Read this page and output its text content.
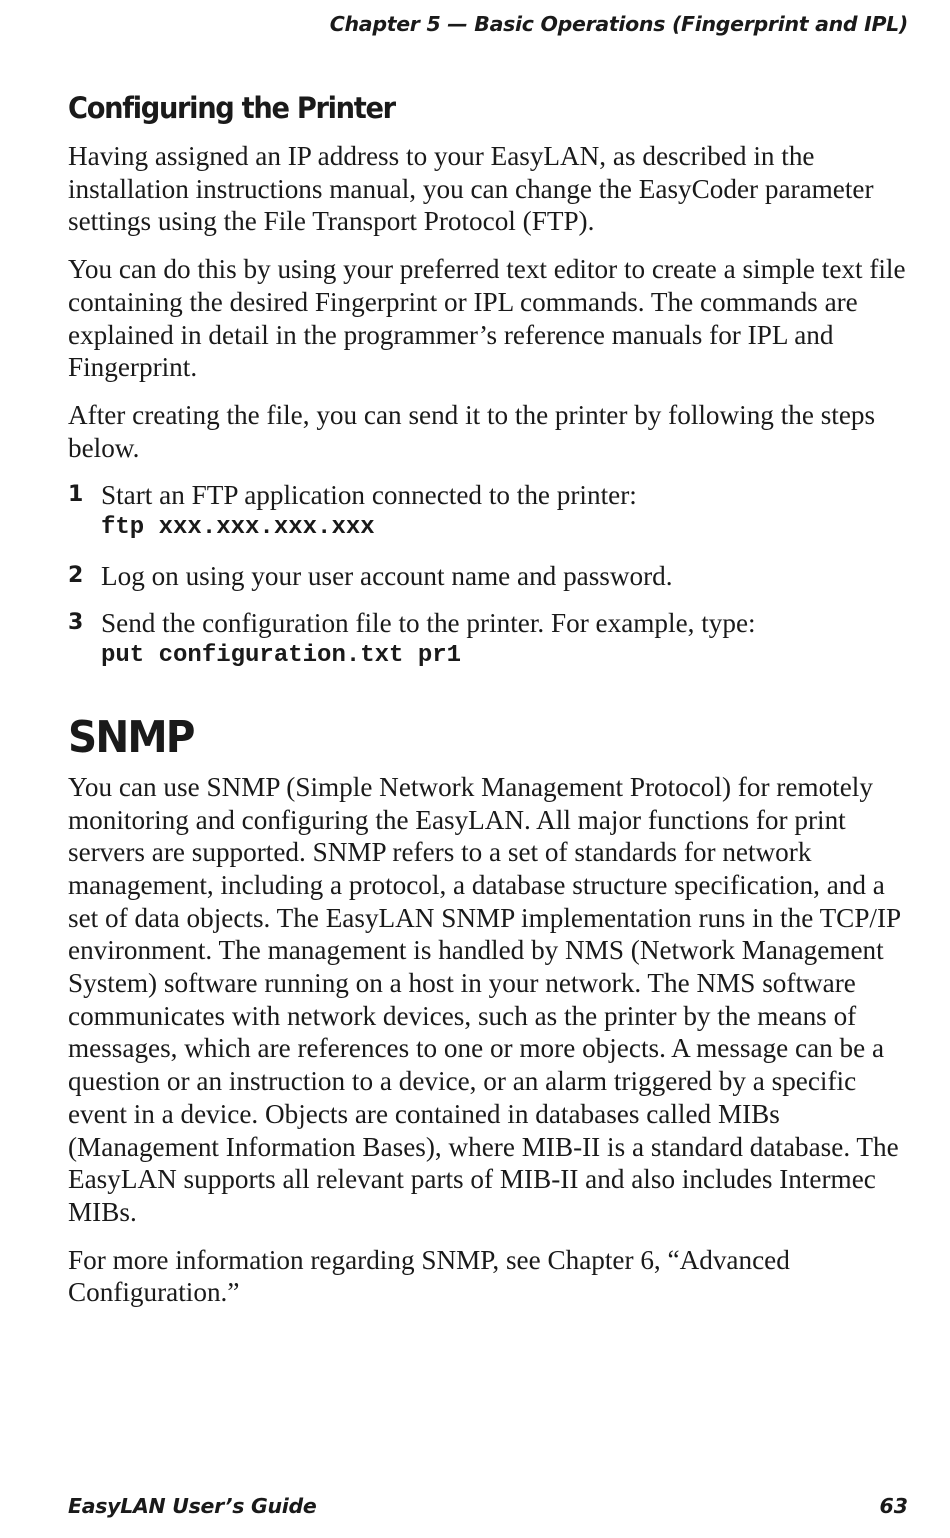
Chapter 5 — Basic Operations (Fingerprint and IPL)
Configuring the Printer

Having assigned an IP address to your EasyLAN, as described in the installation instructions manual, you can change the EasyCoder parameter settings using the File Transport Protocol (FTP).

You can do this by using your preferred text editor to create a simple text file containing the desired Fingerprint or IPL commands. The commands are explained in detail in the programmer’s reference manuals for IPL and Fingerprint.

After creating the file, you can send it to the printer by following the steps below.

1 Start an FTP application connected to the printer:
ftp xxx.xxx.xxx.xxx
2 Log on using your user account name and password.
3 Send the configuration file to the printer. For example, type:
put configuration.txt pr1
SNMP

You can use SNMP (Simple Network Management Protocol) for remotely monitoring and configuring the EasyLAN. All major functions for print servers are supported. SNMP refers to a set of standards for network management, including a protocol, a database structure specification, and a set of data objects. The EasyLAN SNMP implementation runs in the TCP/IP environment. The management is handled by NMS (Network Management System) software running on a host in your network. The NMS software communicates with network devices, such as the printer by the means of messages, which are references to one or more objects. A message can be a question or an instruction to a device, or an alarm triggered by a specific event in a device. Objects are contained in databases called MIBs (Management Information Bases), where MIB-II is a standard database. The EasyLAN supports all relevant parts of MIB-II and also includes Intermec MIBs.

For more information regarding SNMP, see Chapter 6, “Advanced Configuration.”

EasyLAN User’s Guide	63
